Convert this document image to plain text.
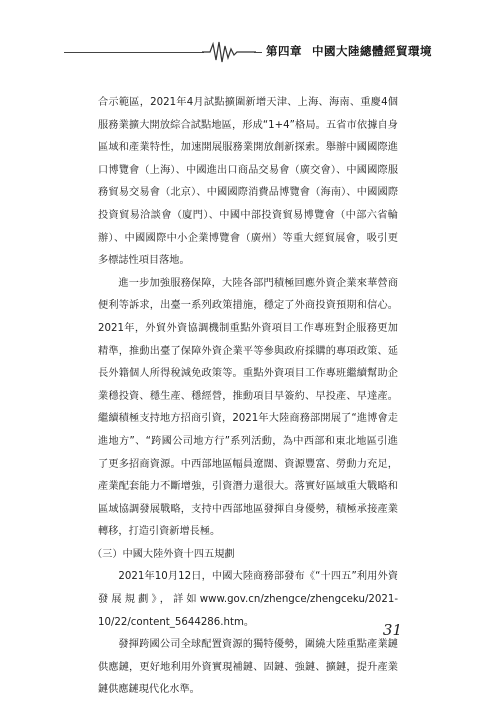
第四章 中國大陸總體經貿環境

合示範區，2021年4月試點擴圍新增天津、上海、海南、重慶4個服務業擴大開放綜合試點地區，形成“1+4”格局。五省市依據自身區域和產業特性，加速開展服務業開放創新探索。舉辦中國國際進口博覽會（上海）、中國進出口商品交易會（廣交會）、中國國際服務貿易交易會（北京）、中國國際消費品博覽會（海南）、中國國際投資貿易洽談會（廈門）、中國中部投資貿易博覽會（中部六省輪辦）、中國國際中小企業博覽會（廣州）等重大經貿展會，吸引更多標誌性項目落地。

進一步加強服務保障，大陸各部門積極回應外資企業來華營商便利等訴求，出臺一系列政策措施，穩定了外商投資預期和信心。2021年，外貿外資協調機制重點外資項目工作專班對企服務更加精準，推動出臺了保障外資企業平等參與政府採購的專項政策、延長外籍個人所得稅減免政策等。重點外資項目工作專班繼續幫助企業穩投資、穩生產、穩經營，推動項目早簽約、早投產、早達產。繼續積極支持地方招商引資，2021年大陸商務部開展了“進博會走進地方”、“跨國公司地方行”系列活動，為中西部和東北地區引進了更多招商資源。中西部地區幅員遼闊、資源豐富、勞動力充足，產業配套能力不斷增強，引資潛力還很大。落實好區域重大戰略和區域協調發展戰略，支持中西部地區發揮自身優勢，積極承接產業轉移，打造引資新增長極。

（三）中國大陸外資十四五規劃

2021年10月12日，中國大陸商務部發布《“十四五”利用外資發展規劃》，詳如www.gov.cn/zhengce/zhengceku/2021-10/22/content_5644286.htm。

發揮跨國公司全球配置資源的獨特優勢，圍繞大陸重點產業鏈供應鏈，更好地利用外資實現補鏈、固鏈、強鏈、擴鏈，提升產業鏈供應鏈現代化水準。

31
